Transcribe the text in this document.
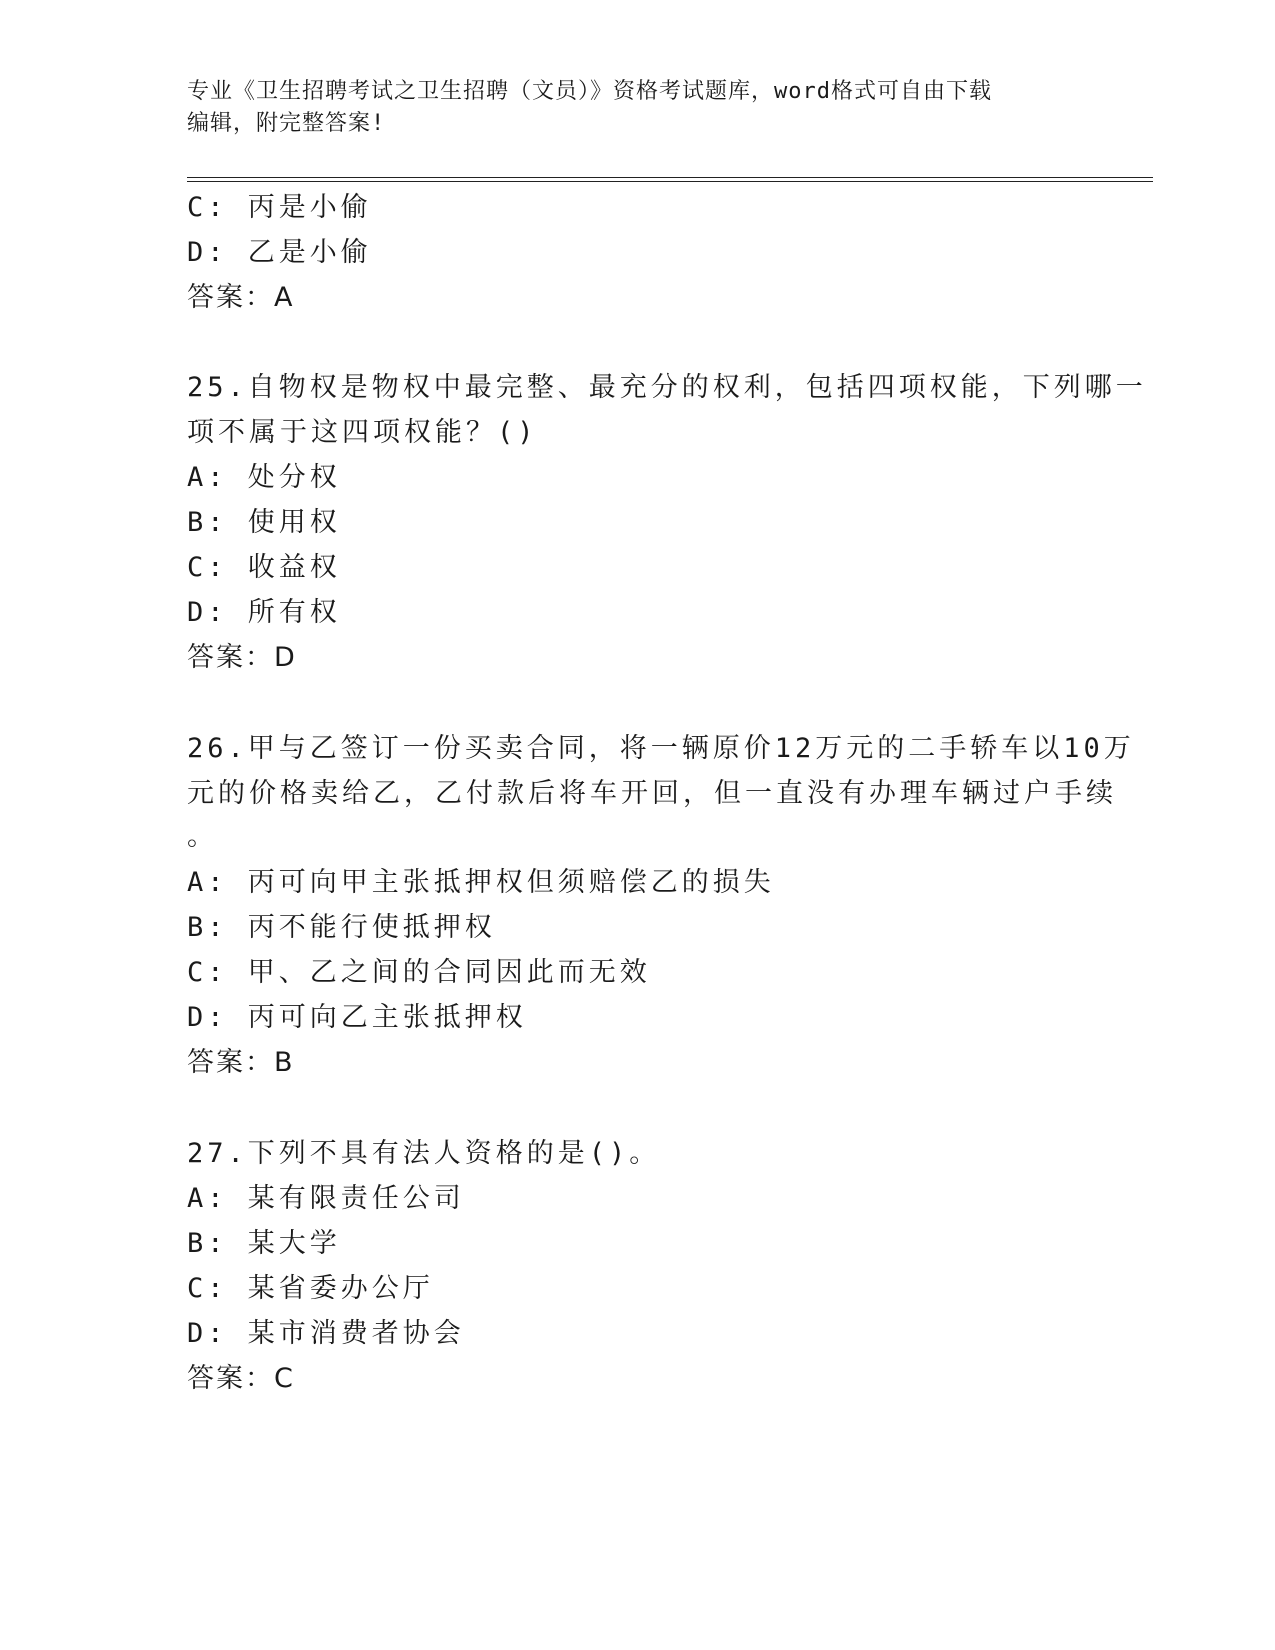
专业《卫生招聘考试之卫生招聘（文员）》资格考试题库，word格式可自由下载
编辑，附完整答案!
C: 丙是小偷
D: 乙是小偷
答案：A
25.自物权是物权中最完整、最充分的权利，包括四项权能，下列哪一
项不属于这四项权能？()
A: 处分权
B: 使用权
C: 收益权
D: 所有权
答案：D
26.甲与乙签订一份买卖合同，将一辆原价12万元的二手轿车以10万
元的价格卖给乙，乙付款后将车开回，但一直没有办理车辆过户手续
。
A: 丙可向甲主张抵押权但须赔偿乙的损失
B: 丙不能行使抵押权
C: 甲、乙之间的合同因此而无效
D: 丙可向乙主张抵押权
答案：B
27.下列不具有法人资格的是()。
A: 某有限责任公司
B: 某大学
C: 某省委办公厅
D: 某市消费者协会
答案：C
